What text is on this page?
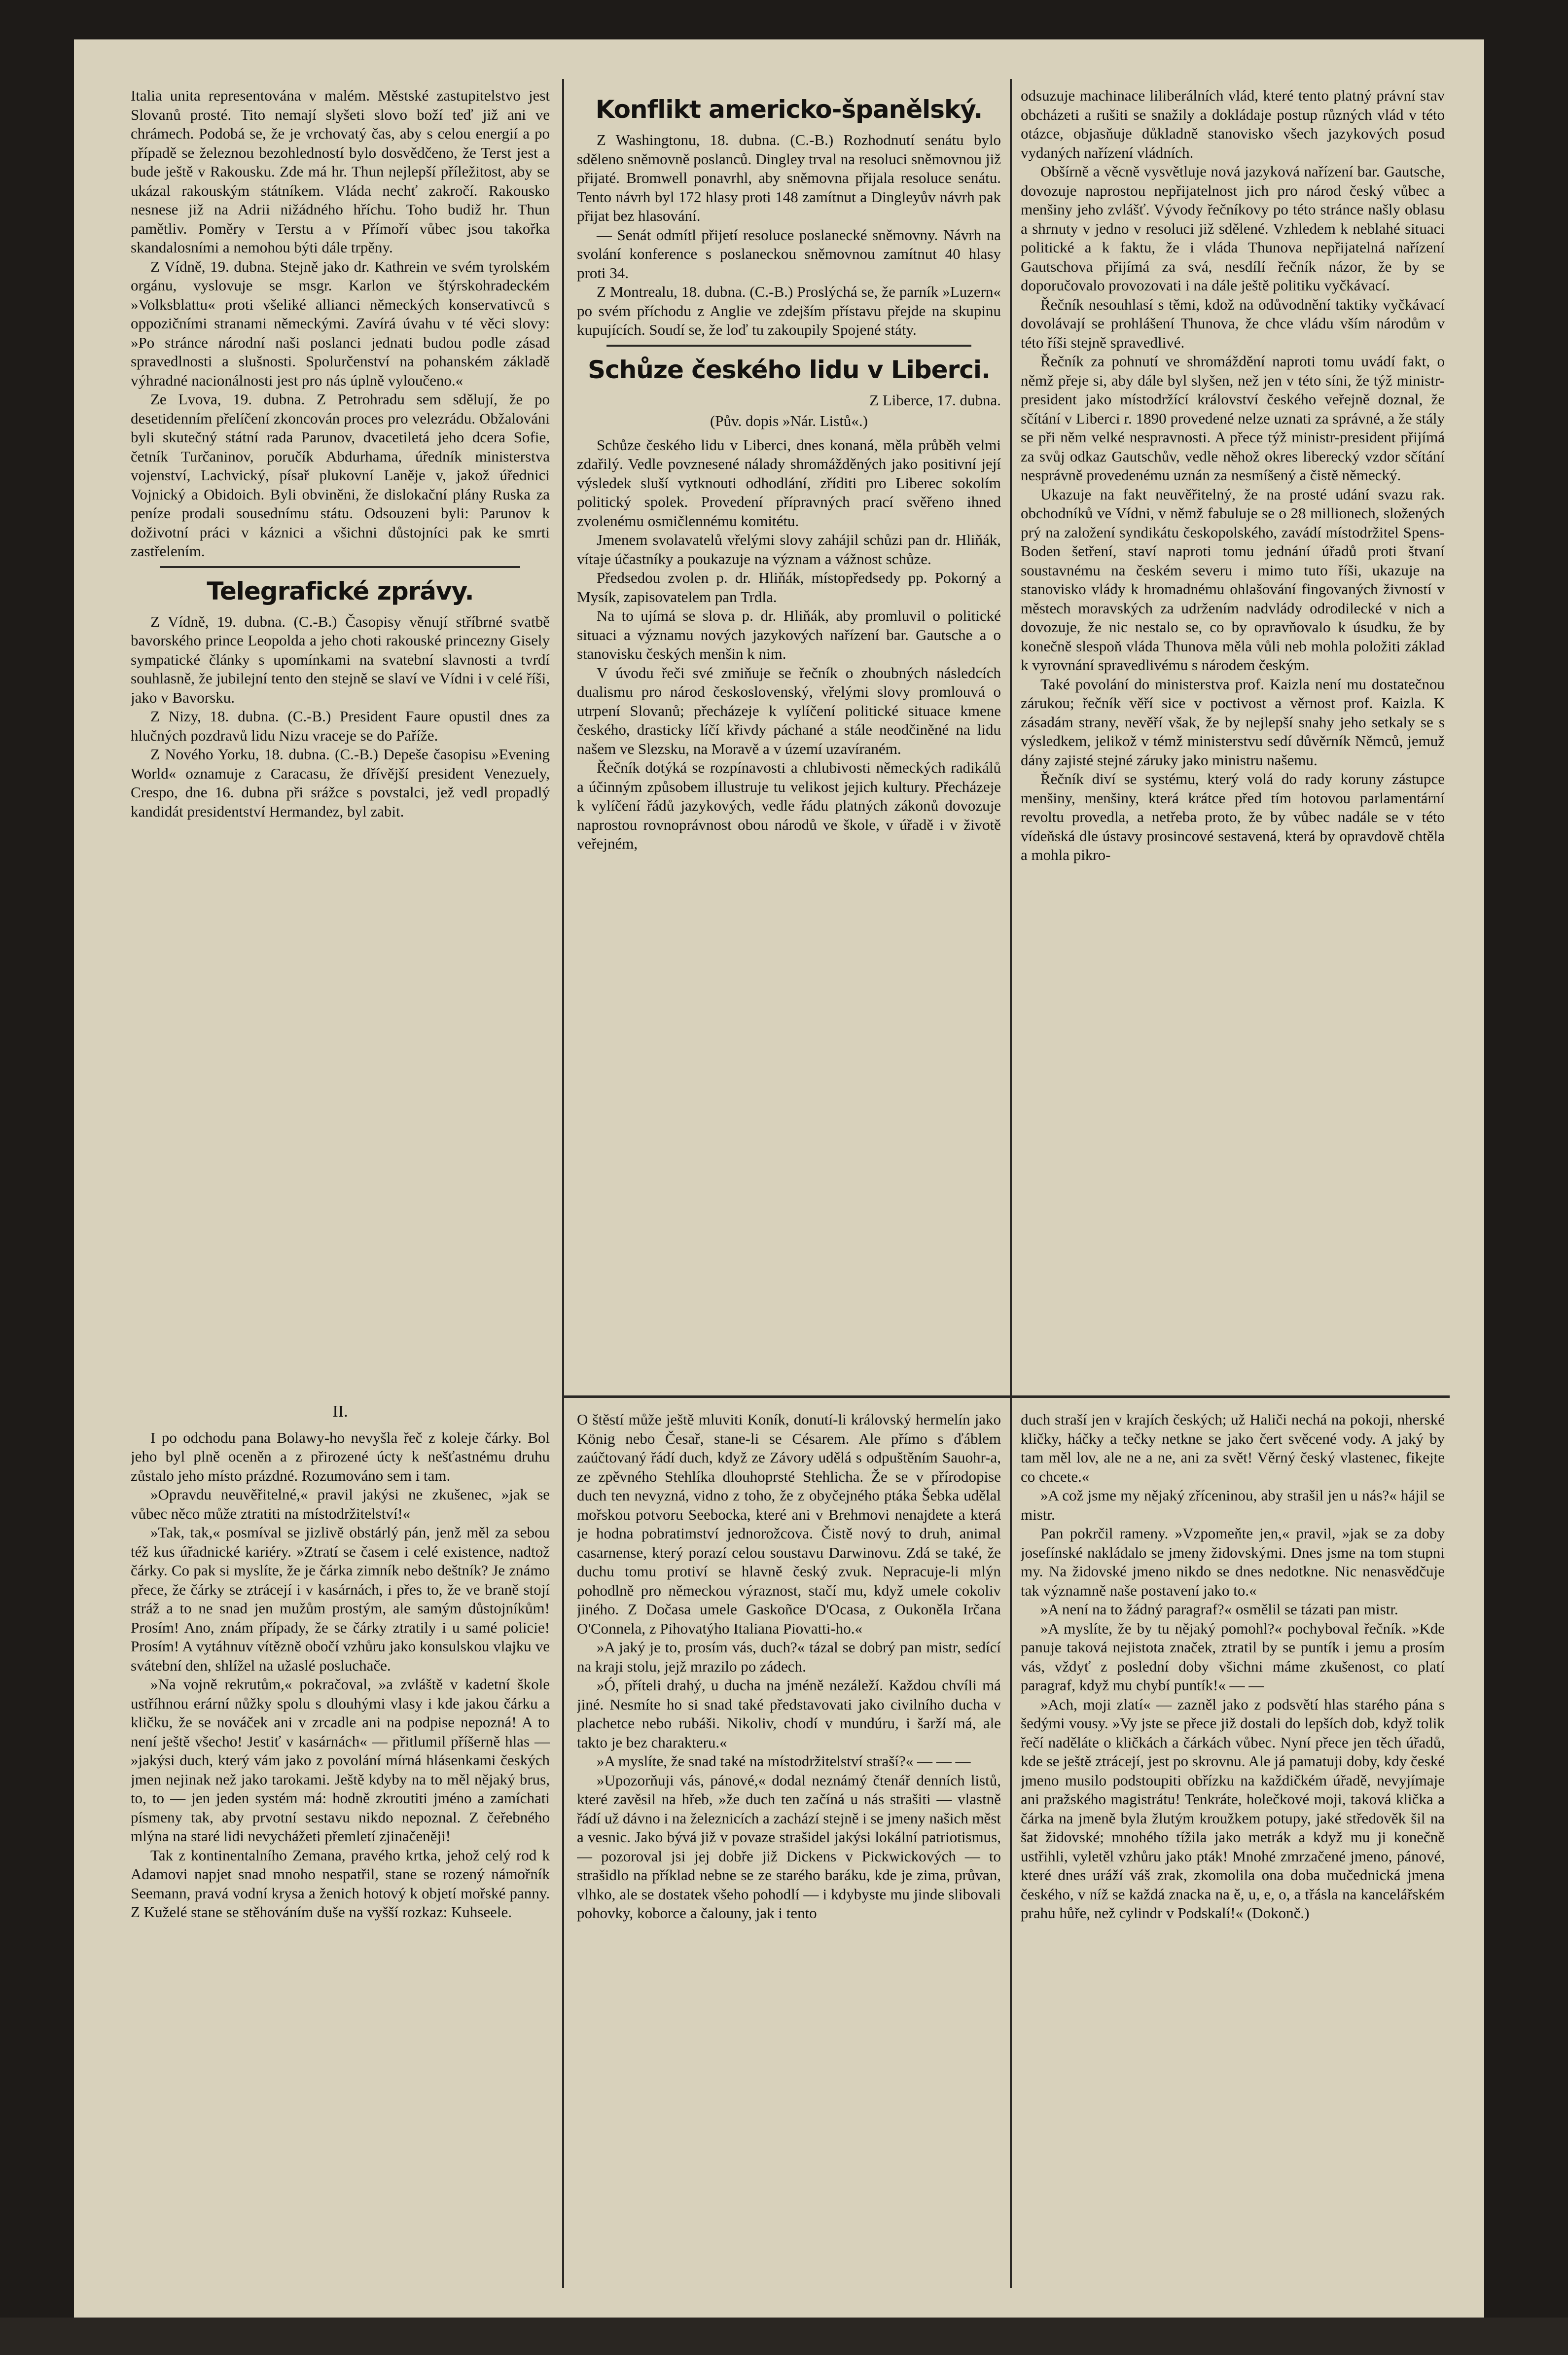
Italia unita representována v malém. Městské zastupitelstvo jest Slovanů prosté. Tito nemají slyšeti slovo boží teď již ani ve chrámech. Podobá se, že je vrchovatý čas, aby s celou energií a po případě se železnou bezohledností bylo dosvědčeno, že Terst jest a bude ještě v Rakousku. Zde má hr. Thun nejlepší příležitost, aby se ukázal rakouským státníkem. Vláda nechť zakročí. Rakousko nesnese již na Adrii nižádného hříchu. Toho budiž hr. Thun pamětliv. Poměry v Terstu a v Přímoří vůbec jsou takořka skandalosními a nemohou býti dále trpěny.

Z Vídně, 19. dubna. Stejně jako dr. Kathrein ve svém tyrolském orgánu, vyslovuje se msgr. Karlon ve štýrskohradeckém »Volksblattu« proti všeliké allianci německých konservativců s oppozičními stranami německými. Zavírá úvahu v té věci slovy: »Po stránce národní naši poslanci jednati budou podle zásad spravedlnosti a slušnosti. Spolurčenství na pohanském základě výhradné nacionálnosti jest pro nás úplně vyloučeno.«

Ze Lvova, 19. dubna. Z Petrohradu sem sdělují, že po desetidenním přelíčení zkoncován proces pro velezrádu. Obžalováni byli skutečný státní rada Parunov, dvacetiletá jeho dcera Sofie, četník Turčaninov, poručík Abdurhama, úředník ministerstva vojenství, Lachvický, písař plukovní Laněje v, jakož úřednici Vojnický a Obidoich. Byli obviněni, že dislokační plány Ruska za peníze prodali sousednímu státu. Odsouzeni byli: Parunov k doživotní práci v káznici a všichni důstojníci pak ke smrti zastřelením.

Telegrafické zprávy.

Z Vídně, 19. dubna. (C.-B.) Časopisy věnují stříbrné svatbě bavorského prince Leopolda a jeho choti rakouské princezny Gisely sympatické články s upomínkami na svatební slavnosti a tvrdí souhlasně, že jubilejní tento den stejně se slaví ve Vídni i v celé říši, jako v Bavorsku.

Z Nizy, 18. dubna. (C.-B.) President Faure opustil dnes za hlučných pozdravů lidu Nizu vraceje se do Paříže.

Z Nového Yorku, 18. dubna. (C.-B.) Depeše časopisu »Evening World« oznamuje z Caracasu, že dřívější president Venezuely, Crespo, dne 16. dubna při srážce s povstalci, jež vedl propadlý kandidát presidentství Hermandez, byl zabit.

Konflikt americko-španělský.

Z Washingtonu, 18. dubna. (C.-B.) Rozhodnutí senátu bylo sděleno sněmovně poslanců. Dingley trval na resoluci sněmovnou již přijaté. Bromwell ponavrhl, aby sněmovna přijala resoluce senátu. Tento návrh byl 172 hlasy proti 148 zamítnut a Dingleyův návrh pak přijat bez hlasování.

— Senát odmítl přijetí resoluce poslanecké sněmovny. Návrh na svolání konference s poslaneckou sněmovnou zamítnut 40 hlasy proti 34.

Z Montrealu, 18. dubna. (C.-B.) Proslýchá se, že parník »Luzern« po svém příchodu z Anglie ve zdejším přístavu přejde na skupinu kupujících. Soudí se, že loď tu zakoupily Spojené státy.

Schůze českého lidu v Liberci.
Z Liberce, 17. dubna.
(Pův. dopis »Nár. Listů«.)

Schůze českého lidu v Liberci, dnes konaná, měla průběh velmi zdařilý. Vedle povznesené nálady shromážděných jako positivní její výsledek sluší vytknouti odhodlání, zříditi pro Liberec sokolím politický spolek. Provedení přípravných prací svěřeno ihned zvolenému osmičlennému komitétu.

Jmenem svolavatelů vřelými slovy zahájil schůzi pan dr. Hliňák, vítaje účastníky a poukazuje na význam a vážnost schůze.

Předsedou zvolen p. dr. Hliňák, místopředsedy pp. Pokorný a Mysík, zapisovatelem pan Trdla.

Na to ujímá se slova p. dr. Hliňák, aby promluvil o politické situaci a významu nových jazykových nařízení bar. Gautsche a o stanovisku českých menšin k nim.

V úvodu řeči své zmiňuje se řečník o zhoubných následcích dualismu pro národ československý, vřelými slovy promlouvá o utrpení Slovanů; přecházeje k vylíčení politické situace kmene českého, drasticky líčí křivdy páchané a stále neodčiněné na lidu našem ve Slezsku, na Moravě a v území uzavíraném.

Řečník dotýká se rozpínavosti a chlubivosti německých radikálů a účinným způsobem illustruje tu velikost jejich kultury. Přecházeje k vylíčení řádů jazykových, vedle řádu platných zákonů dovozuje naprostou rovnoprávnost obou národů ve škole, v úřadě i v životě veřejném,

odsuzuje machinace liliberálních vlád, které tento platný právní stav obcházeti a rušiti se snažily a dokládaje postup různých vlád v této otázce, objasňuje důkladně stanovisko všech jazykových posud vydaných nařízení vládních.

Obšírně a věcně vysvětluje nová jazyková nařízení bar. Gautsche, dovozuje naprostou nepřijatelnost jich pro národ český vůbec a menšiny jeho zvlášť. Vývody řečníkovy po této stránce našly oblasu a shrnuty v jedno v resoluci již sdělené. Vzhledem k neblahé situaci politické a k faktu, že i vláda Thunova nepřijatelná nařízení Gautschova přijímá za svá, nesdílí řečník názor, že by se doporučovalo provozovati i na dále ještě politiku vyčkávací.

Řečník nesouhlasí s těmi, kdož na odůvodnění taktiky vyčkávací dovolávají se prohlášení Thunova, že chce vládu vším národům v této říši stejně spravedlivé.

Řečník za pohnutí ve shromáždění naproti tomu uvádí fakt, o němž přeje si, aby dále byl slyšen, než jen v této síni, že týž ministr-president jako místodržící království českého veřejně doznal, že sčítání v Liberci r. 1890 provedené nelze uznati za správné, a že stály se při něm velké nespravnosti. A přece týž ministr-president přijímá za svůj odkaz Gautschův, vedle něhož okres liberecký vzdor sčítání nesprávně provedenému uznán za nesmíšený a čistě německý.

Ukazuje na fakt neuvěřitelný, že na prosté udání svazu rak. obchodníků ve Vídni, v němž fabuluje se o 28 millionech, složených prý na založení syndikátu českopolského, zavádí místodržitel Spens-Boden šetření, staví naproti tomu jednání úřadů proti štvaní soustavnému na českém severu i mimo tuto říši, ukazuje na stanovisko vlády k hromadnému ohlašování fingovaných živností v městech moravských za udržením nadvlády odrodilecké v nich a dovozuje, že nic nestalo se, co by opravňovalo k úsudku, že by konečně slespoň vláda Thunova měla vůli neb mohla položiti základ k vyrovnání spravedlivému s národem českým.

Také povolání do ministerstva prof. Kaizla není mu dostatečnou zárukou; řečník věří sice v poctivost a věrnost prof. Kaizla. K zásadám strany, nevěří však, že by nejlepší snahy jeho setkaly se s výsledkem, jelikož v témž ministerstvu sedí důvěrník Němců, jemuž dány zajisté stejné záruky jako ministru našemu.

Řečník diví se systému, který volá do rady koruny zástupce menšiny, menšiny, která krátce před tím hotovou parlamentární revoltu provedla, a netřeba proto, že by vůbec nadále se v této vídeňská dle ústavy prosincové sestavená, která by opravdově chtěla a mohla pikro-

II.

I po odchodu pana Bolawy-ho nevyšla řeč z koleje čárky. Bol jeho byl plně oceněn a z přirozené úcty k nešťastnému druhu zůstalo jeho místo prázdné. Rozumováno sem i tam.

»Opravdu neuvěřitelné,« pravil jakýsi ne zkušenec, »jak se vůbec něco může ztratiti na místodržitelství!«

»Tak, tak,« posmíval se jizlivě obstárlý pán, jenž měl za sebou též kus úřadnické kariéry. »Ztratí se časem i celé existence, nadtož čárky. Co pak si myslíte, že je čárka zimník nebo deštník? Je známo přece, že čárky se ztrácejí i v kasárnách, i přes to, že ve braně stojí stráž a to ne snad jen mužům prostým, ale samým důstojníkům! Prosím! Ano, znám případy, že se čárky ztratily i u samé policie! Prosím! A vytáhnuv vítězně obočí vzhůru jako konsulskou vlajku ve svátební den, shlížel na užaslé posluchače.

»Na vojně rekrutům,« pokračoval, »a zvláště v kadetní škole ustříhnou erární nůžky spolu s dlouhými vlasy i kde jakou čárku a kličku, že se nováček ani v zrcadle ani na podpise nepozná! A to není ještě všecho! Jestiť v kasárnách« — přitlumil příšerně hlas — »jakýsi duch, který vám jako z povolání mírná hlásenkami českých jmen nejinak než jako tarokami. Ještě kdyby na to měl nějaký brus, to, to — jen jeden systém má: hodně zkroutiti jméno a zamíchati písmeny tak, aby prvotní sestavu nikdo nepoznal. Z čeřebného mlýna na staré lidi nevychážeti přemletí zjinačeněji!

Tak z kontinentalního Zemana, pravého krtka, jehož celý rod k Adamovi napjet snad mnoho nespatřil, stane se rozený námořník Seemann, pravá vodní krysa a ženich hotový k objetí mořské panny. Z Kuželé stane se stěhováním duše na vyšší rozkaz: Kuhseele.

O štěstí může ještě mluviti Koník, donutí-li královský hermelín jako König nebo Česař, stane-li se Césarem. Ale přímo s ďáblem zaúčtovaný řádí duch, když ze Závory udělá s odpuštěním Sauohr-a, ze zpěvného Stehlíka dlouhoprsté Stehlicha. Že se v přírodopise duch ten nevyzná, vidno z toho, že z obyčejného ptáka Šebka udělal mořskou potvoru Seebocka, které ani v Brehmovi nenajdete a která je hodna pobratimství jednorožcova. Čistě nový to druh, animal casarnense, který porazí celou soustavu Darwinovu. Zdá se také, že duchu tomu protiví se hlavně český zvuk. Nepracuje-li mlýn pohodlně pro německou výraznost, stačí mu, když umele cokoliv jiného. Z Dočasa umele Gaskoñce D'Ocasa, z Oukoněla Irčana O'Connela, z Pihovatýho Italiana Piovatti-ho.«

»A jaký je to, prosím vás, duch?« tázal se dobrý pan mistr, sedící na kraji stolu, jejž mrazilo po zádech.

»Ó, příteli drahý, u ducha na jméně nezáleží. Každou chvíli má jiné. Nesmíte ho si snad také představovati jako civilního ducha v plachetce nebo rubáši. Nikoliv, chodí v mundúru, i šarží má, ale takto je bez charakteru.«

»A myslíte, že snad také na místodržitelství straší?« — — —

»Upozorňuji vás, pánové,« dodal neznámý čtenář denních listů, které zavěsil na hřeb, »že duch ten začíná u nás strašiti — vlastně řádí už dávno i na železnicích a zachází stejně i se jmeny našich měst a vesnic. Jako bývá již v povaze strašidel jakýsi lokální patriotismus, — pozoroval jsi jej dobře již Dickens v Pickwickových — to strašidlo na příklad nebne se ze starého baráku, kde je zima, průvan, vlhko, ale se dostatek všeho pohodlí — i kdybyste mu jinde slibovali pohovky, koborce a čalouny, jak i tento

duch straší jen v krajích českých; už Haliči nechá na pokoji, nherské kličky, háčky a tečky netkne se jako čert svěcené vody. A jaký by tam měl lov, ale ne a ne, ani za svět! Věrný český vlastenec, fikejte co chcete.«

»A což jsme my nějaký zříceninou, aby strašil jen u nás?« hájil se mistr.

Pan pokrčil rameny. »Vzpomeňte jen,« pravil, »jak se za doby josefínské nakládalo se jmeny židovskými. Dnes jsme na tom stupni my. Na židovské jmeno nikdo se dnes nedotkne. Nic nenasvědčuje tak významně naše postavení jako to.«

»A není na to žádný paragraf?« osmělil se tázati pan mistr.

»A myslíte, že by tu nějaký pomohl?« pochyboval řečník. »Kde panuje taková nejistota značek, ztratil by se puntík i jemu a prosím vás, vždyť z poslední doby všichni máme zkušenost, co platí paragraf, když mu chybí puntík!« — —

»Ach, moji zlatí« — zazněl jako z podsvětí hlas starého pána s šedými vousy. »Vy jste se přece již dostali do lepších dob, když tolik řečí naděláte o kličkách a čárkách vůbec. Nyní přece jen těch úřadů, kde se ještě ztrácejí, jest po skrovnu. Ale já pamatuji doby, kdy české jmeno musilo podstoupiti obřízku na každičkém úřadě, nevyjímaje ani pražského magistrátu! Tenkráte, holečkové moji, taková klička a čárka na jmeně byla žlutým kroužkem potupy, jaké středověk šil na šat židovské; mnohého tížila jako metrák a když mu ji konečně ustřihli, vyletěl vzhůru jako pták! Mnohé zmrzačené jmeno, pánové, které dnes uráží váš zrak, zkomolila ona doba mučednická jmena českého, v níž se každá znacka na ě, u, e, o, a třásla na kancelářském prahu hůře, než cylindr v Podskalí!« (Dokonč.)
